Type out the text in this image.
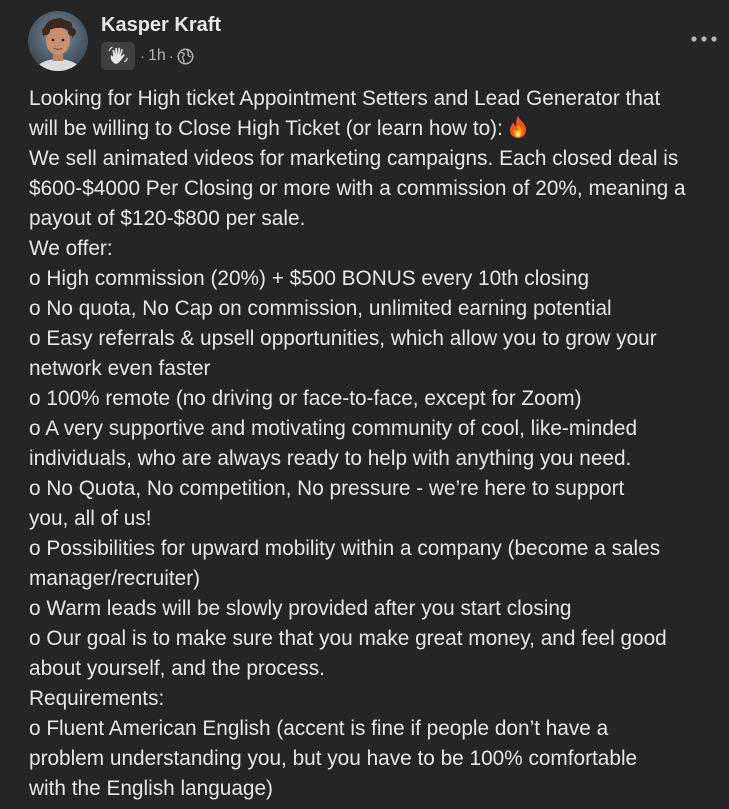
Kasper Kraft
· 1h ·
Looking for High ticket Appointment Setters and Lead Generator that
will be willing to Close High Ticket (or learn how to):
We sell animated videos for marketing campaigns. Each closed deal is
$600-$4000 Per Closing or more with a commission of 20%, meaning a
payout of $120-$800 per sale.
We offer:
o High commission (20%) + $500 BONUS every 10th closing
o No quota, No Cap on commission, unlimited earning potential
o Easy referrals & upsell opportunities, which allow you to grow your
network even faster
o 100% remote (no driving or face-to-face, except for Zoom)
o A very supportive and motivating community of cool, like-minded
individuals, who are always ready to help with anything you need.
o No Quota, No competition, No pressure - we’re here to support
you, all of us!
o Possibilities for upward mobility within a company (become a sales
manager/recruiter)
o Warm leads will be slowly provided after you start closing
o Our goal is to make sure that you make great money, and feel good
about yourself, and the process.
Requirements:
o Fluent American English (accent is fine if people don’t have a
problem understanding you, but you have to be 100% comfortable
with the English language)
